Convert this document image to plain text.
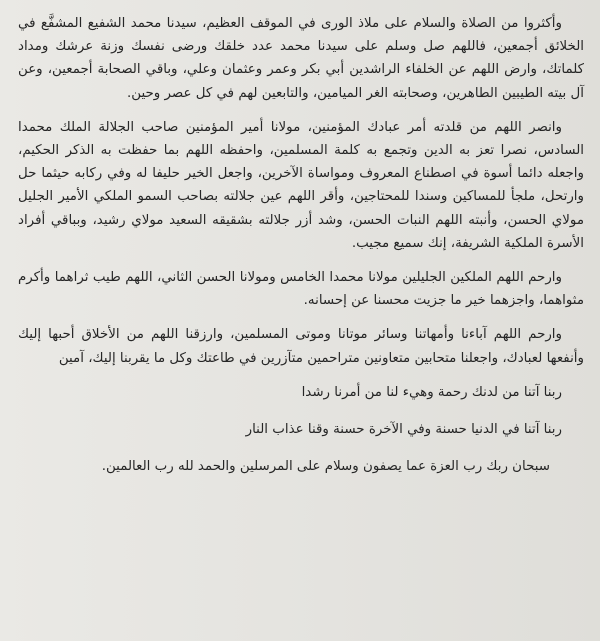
وأكثروا من الصلاة والسلام على ملاذ الورى في الموقف العظيم، سيدنا محمد الشفيع المشفَّع في الخلائق أجمعين، فاللهم صل وسلم على سيدنا محمد عدد خلقك ورضى نفسك وزنة عرشك ومداد كلماتك، وارض اللهم عن الخلفاء الراشدين أبي بكر وعمر وعثمان وعلي، وباقي الصحابة أجمعين، وعن آل بيته الطيبين الطاهرين، وصحابته الغر الميامين، والتابعين لهم في كل عصر وحين.

وانصر اللهم من قلدته أمر عبادك المؤمنين، مولانا أمير المؤمنين صاحب الجلالة الملك محمدا السادس، نصرا تعز به الدين وتجمع به كلمة المسلمين، واحفظه اللهم بما حفظت به الذكر الحكيم، واجعله دائما أسوة في اصطناع المعروف ومواساة الآخرين، واجعل الخير حليفا له وفي ركابه حيثما حل وارتحل، ملجأ للمساكين وسندا للمحتاجين، وأقر اللهم عين جلالته بصاحب السمو الملكي الأمير الجليل مولاي الحسن، وأنبته اللهم النبات الحسن، وشد أزر جلالته بشقيقه السعيد مولاي رشيد، وبباقي أفراد الأسرة الملكية الشريفة، إنك سميع مجيب.

وارحم اللهم الملكين الجليلين مولانا محمدا الخامس ومولانا الحسن الثاني، اللهم طيب ثراهما وأكرم مثواهما، واجزهما خير ما جزيت محسنا عن إحسانه.

وارحم اللهم آباءنا وأمهاتنا وسائر موتانا وموتى المسلمين، وارزقنا اللهم من الأخلاق أحبها إليك وأنفعها لعبادك، واجعلنا متحابين متعاونين متراحمين متآزرين في طاعتك وكل ما يقربنا إليك، آمين

ربنا آتنا من لدنك رحمة وهيء لنا من أمرنا رشدا

ربنا آتنا في الدنيا حسنة وفي الآخرة حسنة وقنا عذاب النار

سبحان ربك رب العزة عما يصفون وسلام على المرسلين والحمد لله رب العالمين.
